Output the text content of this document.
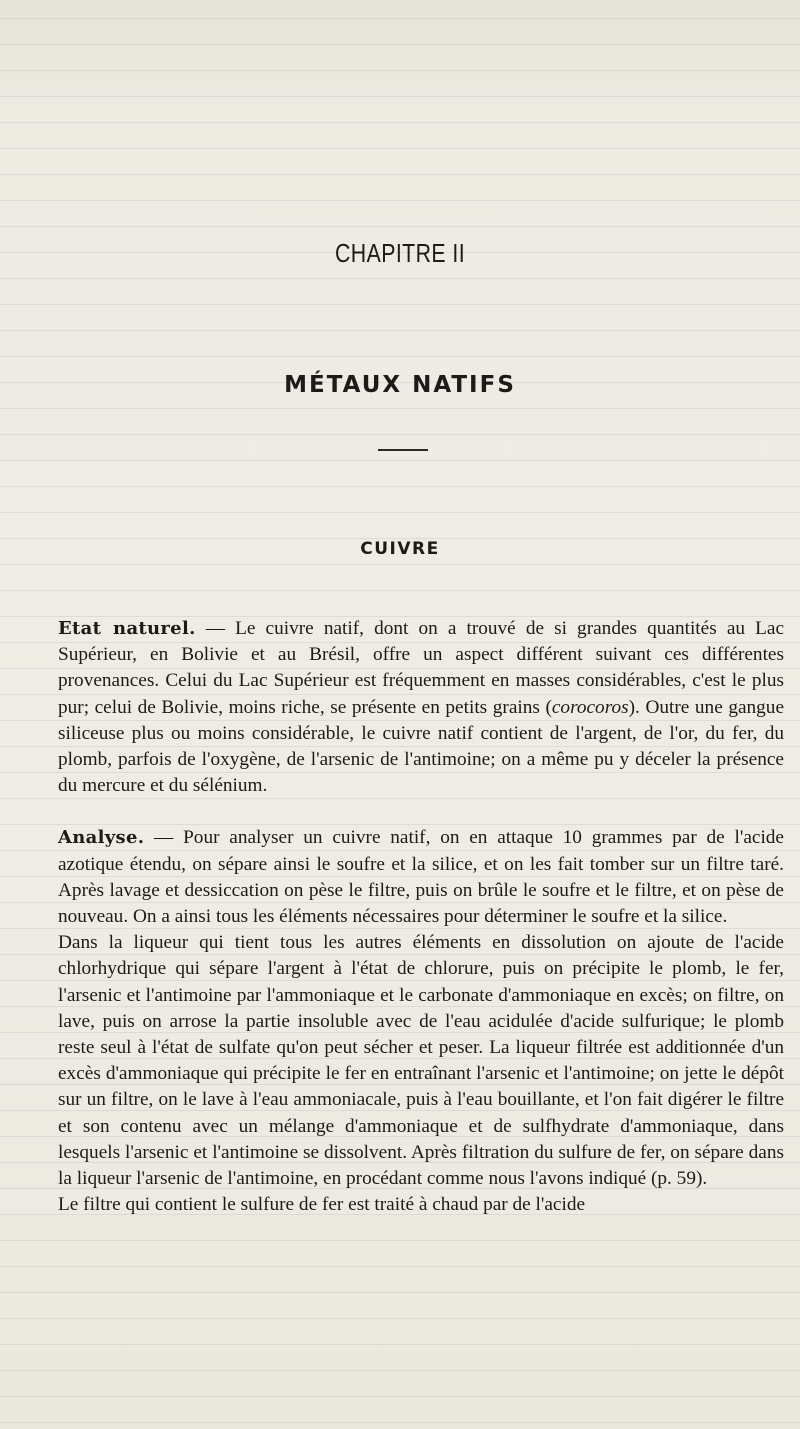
CHAPITRE II
MÉTAUX NATIFS
CUIVRE

Etat naturel. — Le cuivre natif, dont on a trouvé de si grandes quantités au Lac Supérieur, en Bolivie et au Brésil, offre un aspect différent suivant ces différentes provenances. Celui du Lac Supérieur est fréquemment en masses considérables, c'est le plus pur; celui de Bolivie, moins riche, se présente en petits grains (corocoros). Outre une gangue siliceuse plus ou moins considérable, le cuivre natif contient de l'argent, de l'or, du fer, du plomb, parfois de l'oxygène, de l'arsenic de l'antimoine; on a même pu y déceler la présence du mercure et du sélénium.

Analyse. — Pour analyser un cuivre natif, on en attaque 10 grammes par de l'acide azotique étendu, on sépare ainsi le soufre et la silice, et on les fait tomber sur un filtre taré. Après lavage et dessiccation on pèse le filtre, puis on brûle le soufre et le filtre, et on pèse de nouveau. On a ainsi tous les éléments nécessaires pour déterminer le soufre et la silice.

Dans la liqueur qui tient tous les autres éléments en dissolution on ajoute de l'acide chlorhydrique qui sépare l'argent à l'état de chlorure, puis on précipite le plomb, le fer, l'arsenic et l'antimoine par l'ammoniaque et le carbonate d'ammoniaque en excès; on filtre, on lave, puis on arrose la partie insoluble avec de l'eau acidulée d'acide sulfurique; le plomb reste seul à l'état de sulfate qu'on peut sécher et peser. La liqueur filtrée est additionnée d'un excès d'ammoniaque qui précipite le fer en entraînant l'arsenic et l'antimoine; on jette le dépôt sur un filtre, on le lave à l'eau ammoniacale, puis à l'eau bouillante, et l'on fait digérer le filtre et son contenu avec un mélange d'ammoniaque et de sulfhydrate d'ammoniaque, dans lesquels l'arsenic et l'antimoine se dissolvent. Après filtration du sulfure de fer, on sépare dans la liqueur l'arsenic de l'antimoine, en procédant comme nous l'avons indiqué (p. 59).

Le filtre qui contient le sulfure de fer est traité à chaud par de l'acide
